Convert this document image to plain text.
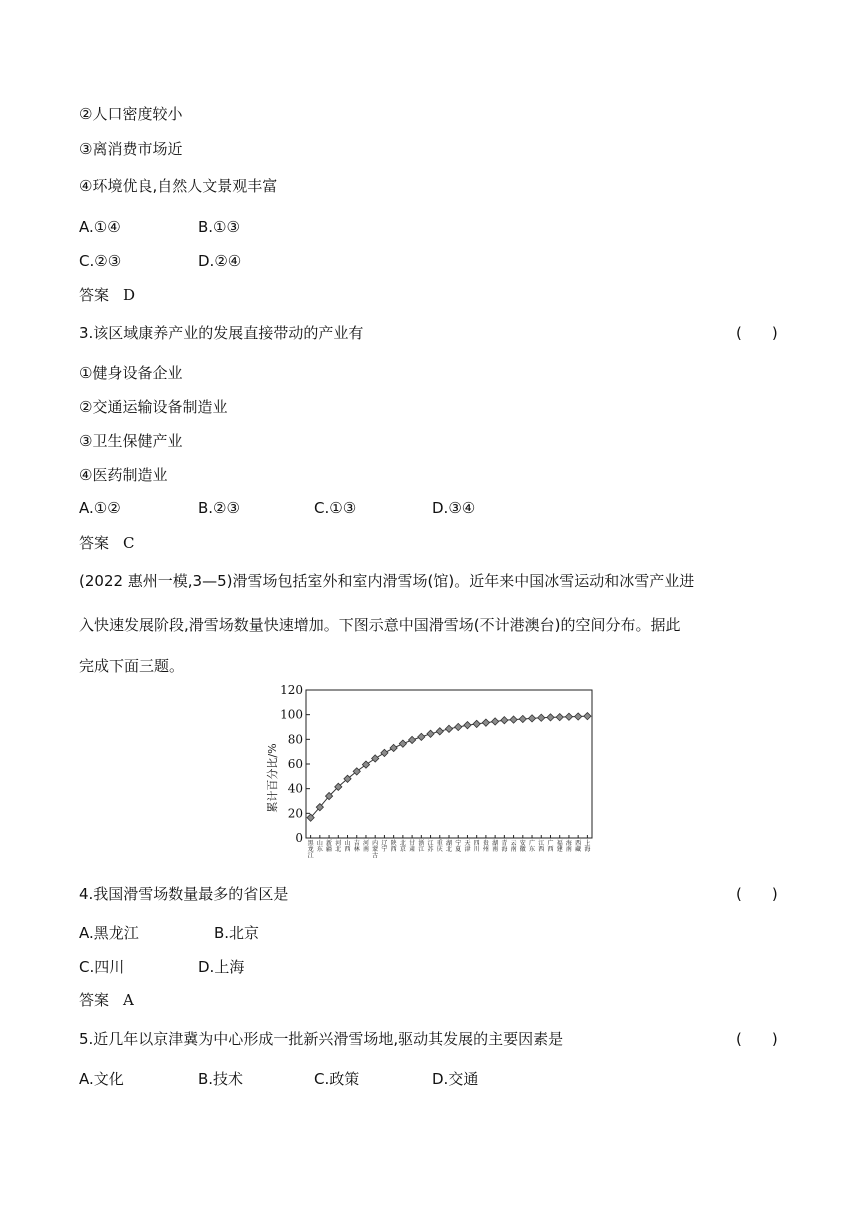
②人口密度较小
③离消费市场近
④环境优良,自然人文景观丰富
A.①④	B.①③
C.②③	D.②④
答案 D
3.该区域康养产业的发展直接带动的产业有	(　　)
①健身设备企业
②交通运输设备制造业
③卫生保健产业
④医药制造业
A.①②	B.②③	C.①③	D.③④
答案 C
(2022 惠州一模,3—5)滑雪场包括室外和室内滑雪场(馆)。近年来中国冰雪运动和冰雪产业进
入快速发展阶段,滑雪场数量快速增加。下图示意中国滑雪场(不计港澳台)的空间分布。据此
完成下面三题。
0
20
40
60
80
100
120
黑
龙
江
山
东
新
疆
河
北
山
西
吉
林
河
南
内
蒙
古
辽
宁
陕
西
北
京
甘
肃
浙
江
江
苏
重
庆
湖
北
宁
夏
天
津
四
川
贵
州
湖
南
青
海
云
南
安
徽
广
东
江
西
广
西
福
建
海
南
西
藏
上
海
累计百分比/%
4.我国滑雪场数量最多的省区是	(　　)
A.黑龙江	B.北京
C.四川	D.上海
答案 A
5.近几年以京津冀为中心形成一批新兴滑雪场地,驱动其发展的主要因素是	(　　)
A.文化	B.技术	C.政策	D.交通
